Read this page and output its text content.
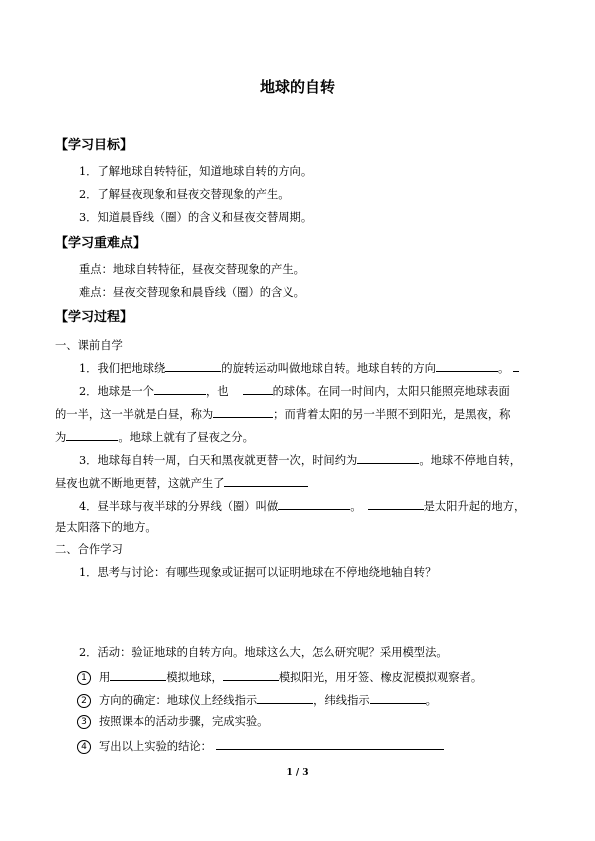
地球的自转
【学习目标】
1．了解地球自转特征，知道地球自转的方向。
2．了解昼夜现象和昼夜交替现象的产生。
3．知道晨昏线（圈）的含义和昼夜交替周期。
【学习重难点】
重点：地球自转特征，昼夜交替现象的产生。
难点：昼夜交替现象和晨昏线（圈）的含义。
【学习过程】
一、课前自学
1．我们把地球绕	的旋转运动叫做地球自转。地球自转的方向	。
2．地球是一个	，也	的球体。在同一时间内，太阳只能照亮地球表面
的一半，这一半就是白昼，称为	；而背着太阳的另一半照不到阳光，是黑夜，称
为	。地球上就有了昼夜之分。
3．地球每自转一周，白天和黑夜就更替一次，时间约为	。地球不停地自转，
昼夜也就不断地更替，这就产生了
4．昼半球与夜半球的分界线（圈）叫做	。	是太阳升起的地方，
是太阳落下的地方。
二、合作学习
1．思考与讨论：有哪些现象或证据可以证明地球在不停地绕地轴自转？
2．活动：验证地球的自转方向。地球这么大，怎么研究呢？采用模型法。
1 用	模拟地球，	模拟阳光，用牙签、橡皮泥模拟观察者。
2 方向的确定：地球仪上经线指示	，纬线指示	。
3 按照课本的活动步骤，完成实验。
4 写出以上实验的结论：
1 / 3
